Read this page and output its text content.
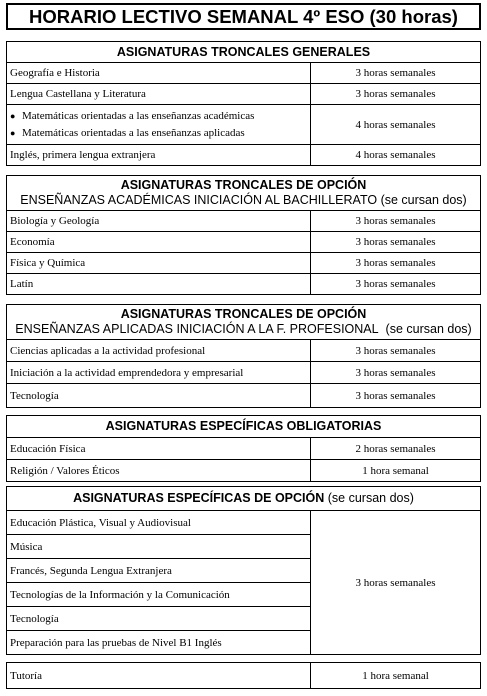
HORARIO LECTIVO SEMANAL 4º ESO (30 horas)
ASIGNATURAS TRONCALES GENERALES	
Geografía e Historia	3 horas semanales
Lengua Castellana y Literatura	3 horas semanales

● Matemáticas orientadas a las enseñanzas académicas
● Matemáticas orientadas a las enseñanzas aplicadas	4 horas semanales
Inglés, primera lengua extranjera	4 horas semanales
ASIGNATURAS TRONCALES DE OPCIÓN
ENSEÑANZAS ACADÉMICAS INICIACIÓN AL BACHILLERATO (se cursan dos)	

Biología y Geología	3 horas semanales
Economía	3 horas semanales
Física y Química	3 horas semanales
Latín	3 horas semanales
ASIGNATURAS TRONCALES DE OPCIÓN
ENSEÑANZAS APLICADAS INICIACIÓN A LA F. PROFESIONAL (se cursan dos)	

Ciencias aplicadas a la actividad profesional	3 horas semanales
Iniciación a la actividad emprendedora y empresarial	3 horas semanales
Tecnología	3 horas semanales
ASIGNATURAS ESPECÍFICAS OBLIGATORIAS	
Educación Física	2 horas semanales
Religión / Valores Éticos	1 hora semanal
ASIGNATURAS ESPECÍFICAS DE OPCIÓN (se cursan dos)
Educación Plástica, Visual y Audiovisual	3 horas semanales
Música
Francés, Segunda Lengua Extranjera
Tecnologías de la Información y la Comunicación
Tecnología
Preparación para las pruebas de Nivel B1 Inglés
Tutoría	1 hora semanal
